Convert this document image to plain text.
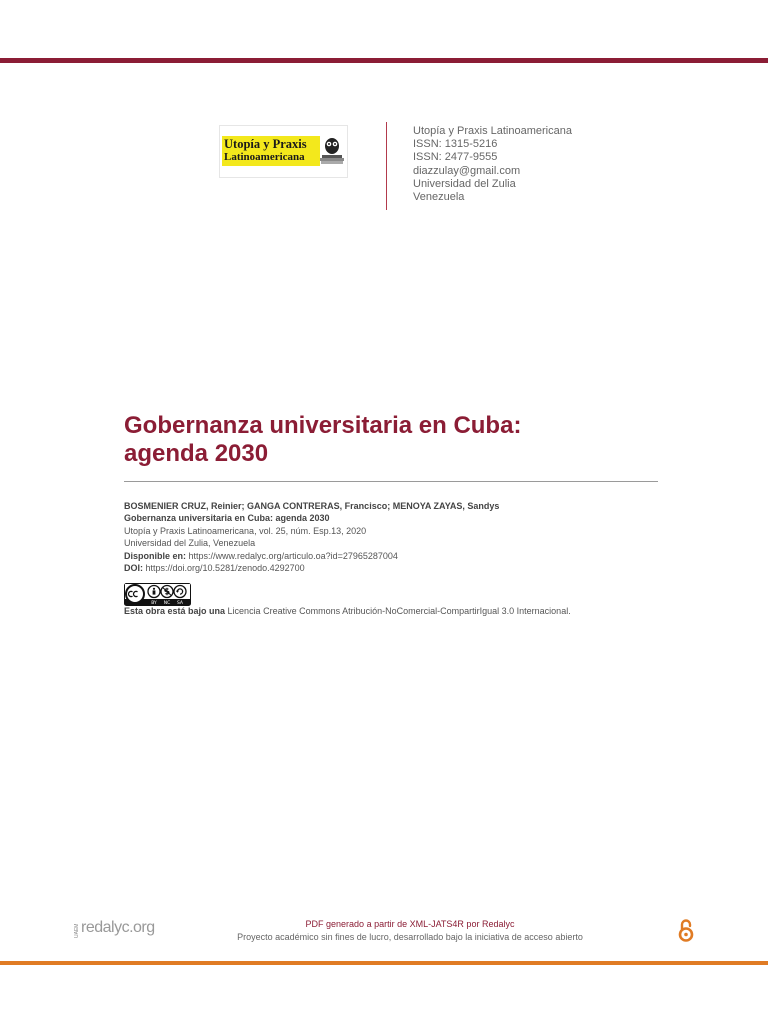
Utopía y Praxis
Latinoamericana
Utopía y Praxis Latinoamericana
ISSN: 1315-5216
ISSN: 2477-9555
diazzulay@gmail.com
Universidad del Zulia
Venezuela
Gobernanza universitaria en Cuba:
agenda 2030
BOSMENIER CRUZ, Reinier; GANGA CONTRERAS, Francisco; MENOYA ZAYAS, Sandys
Gobernanza universitaria en Cuba: agenda 2030
Utopía y Praxis Latinoamericana, vol. 25, núm. Esp.13, 2020
Universidad del Zulia, Venezuela
Disponible en: https://www.redalyc.org/articulo.oa?id=27965287004
DOI: https://doi.org/10.5281/zenodo.4292700
BY NC SA
Esta obra está bajo una Licencia Creative Commons Atribución-NoComercial-CompartirIgual 3.0 Internacional.
UAEM redalyc.org	PDF generado a partir de XML-JATS4R por Redalyc
Proyecto académico sin fines de lucro, desarrollado bajo la iniciativa de acceso abierto
